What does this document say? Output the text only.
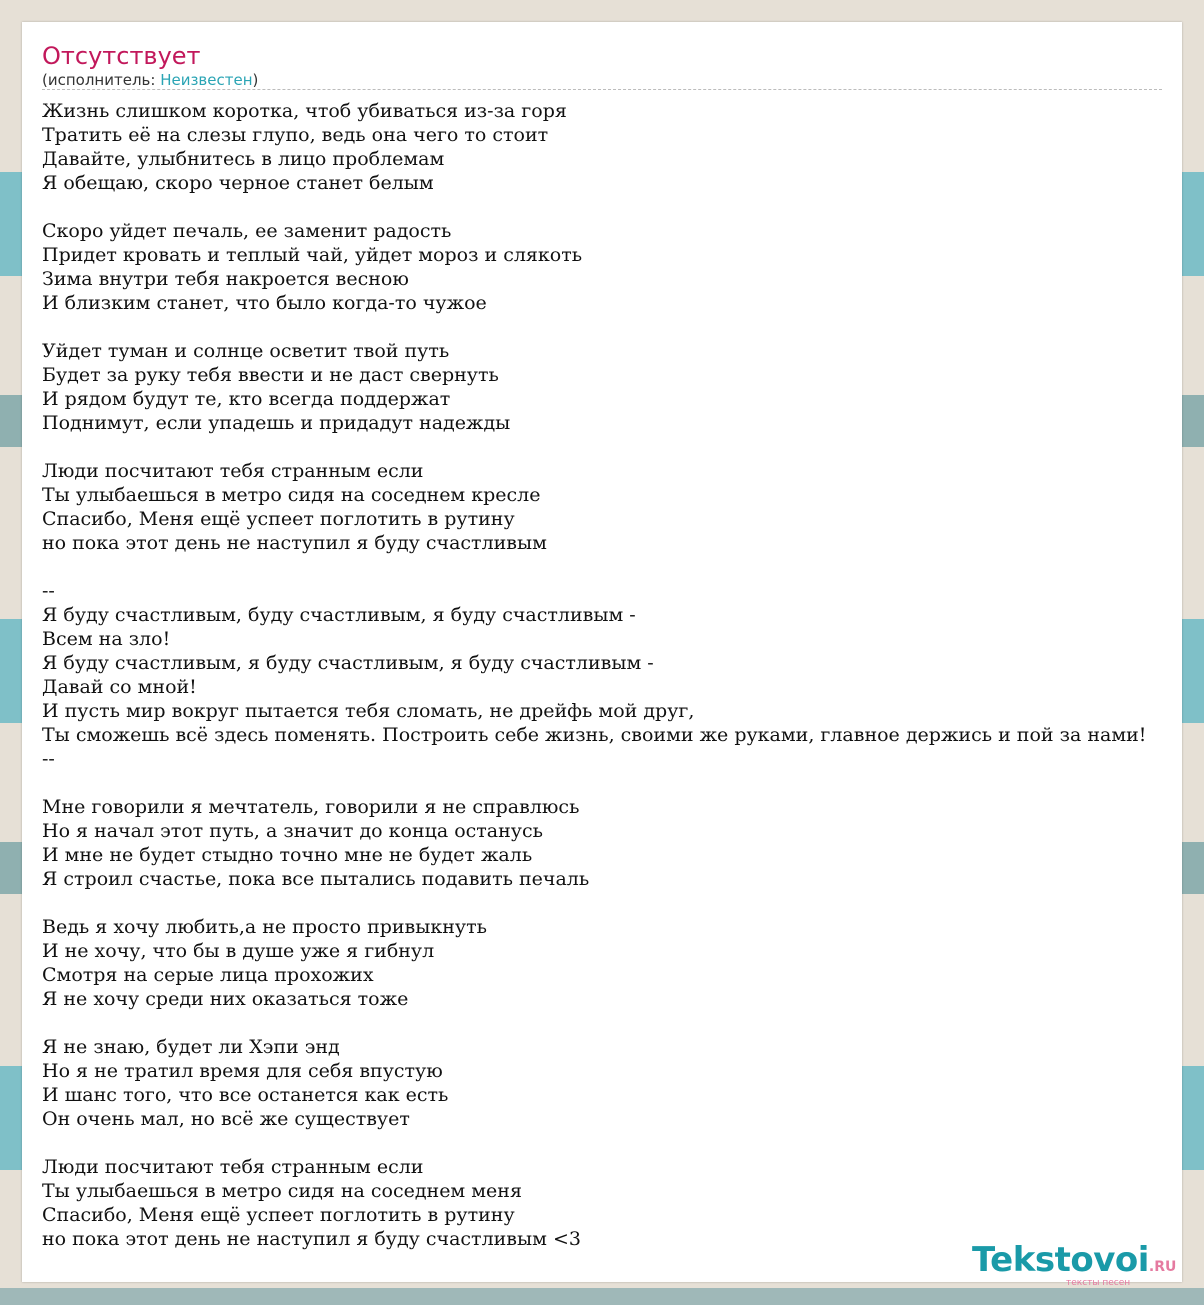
Отсутствует
(исполнитель: Неизвестен)
Жизнь слишком коротка, чтоб убиваться из-за горя
Тратить её на слезы глупо, ведь она чего то стоит
Давайте, улыбнитесь в лицо проблемам
Я обещаю, скоро черное станет белым

Скоро уйдет печаль, ее заменит радость
Придет кровать и теплый чай, уйдет мороз и слякоть
Зима внутри тебя накроется весною
И близким станет, что было когда-то чужое

Уйдет туман и солнце осветит твой путь
Будет за руку тебя ввести и не даст свернуть
И рядом будут те, кто всегда поддержат
Поднимут, если упадешь и придадут надежды

Люди посчитают тебя странным если
Ты улыбаешься в метро сидя на соседнем кресле
Спасибо, Меня ещё успеет поглотить в рутину
но пока этот день не наступил я буду счастливым

--
Я буду счастливым, буду счастливым, я буду счастливым -
Всем на зло!
Я буду счастливым, я буду счастливым, я буду счастливым -
Давай со мной!
И пусть мир вокруг пытается тебя сломать, не дрейфь мой друг,
Ты сможешь всё здесь поменять. Построить себе жизнь, своими же руками, главное держись и пой за нами!
--

Мне говорили я мечтатель, говорили я не справлюсь
Но я начал этот путь, а значит до конца останусь
И мне не будет стыдно точно мне не будет жаль
Я строил счастье, пока все пытались подавить печаль

Ведь я хочу любить,а не просто привыкнуть
И не хочу, что бы в душе уже я гибнул
Смотря на серые лица прохожих
Я не хочу среди них оказаться тоже

Я не знаю, будет ли Хэпи энд
Но я не тратил время для себя впустую
И шанс того, что все останется как есть
Он очень мал, но всё же существует

Люди посчитают тебя странным если
Ты улыбаешься в метро сидя на соседнем меня
Спасибо, Меня ещё успеет поглотить в рутину
но пока этот день не наступил я буду счастливым <3
Tekstovoi.RU
тексты песен
